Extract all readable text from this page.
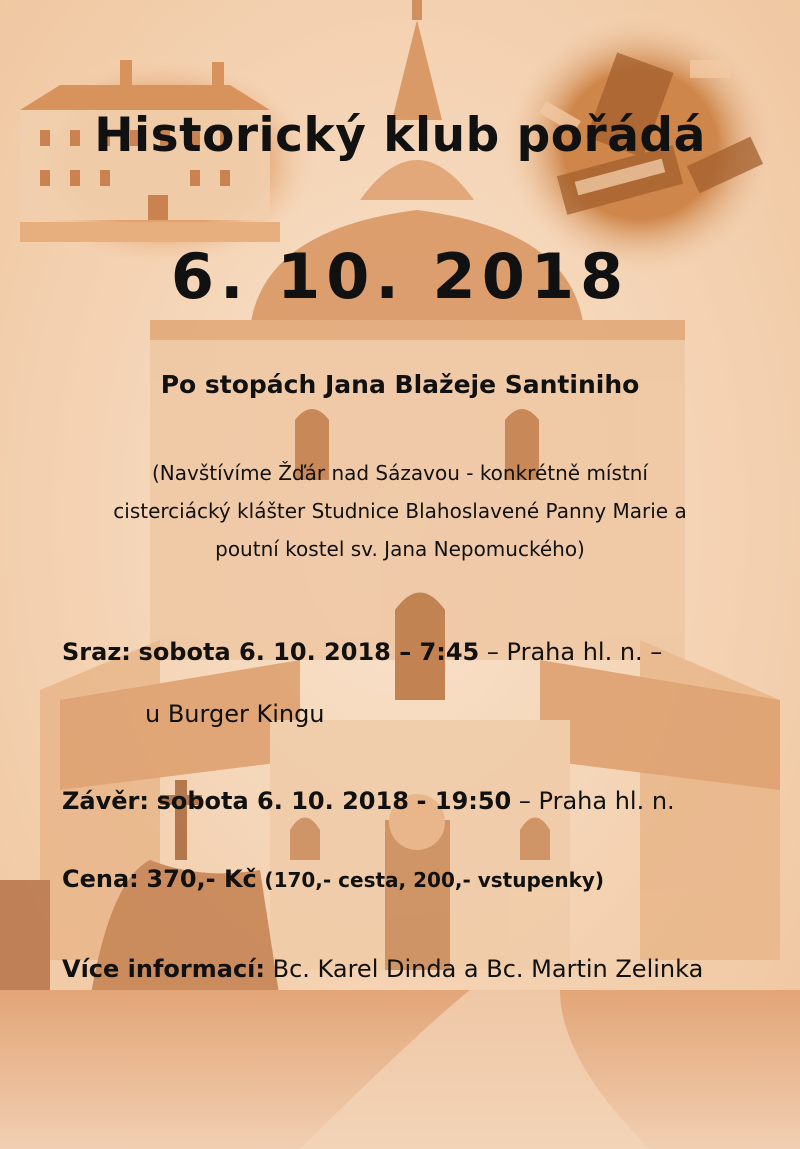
Historický klub pořádá
6. 10. 2018
Po stopách Jana Blažeje Santiniho
(Navštívíme Žďár nad Sázavou - konkrétně místní
cisterciácký klášter Studnice Blahoslavené Panny Marie a
poutní kostel sv. Jana Nepomuckého)
Sraz: sobota 6. 10. 2018 – 7:45 – Praha hl. n. –
u Burger Kingu
Závěr: sobota 6. 10. 2018 - 19:50 – Praha hl. n.
Cena: 370,- Kč (170,- cesta, 200,- vstupenky)
Více informací: Bc. Karel Dinda a Bc. Martin Zelinka
